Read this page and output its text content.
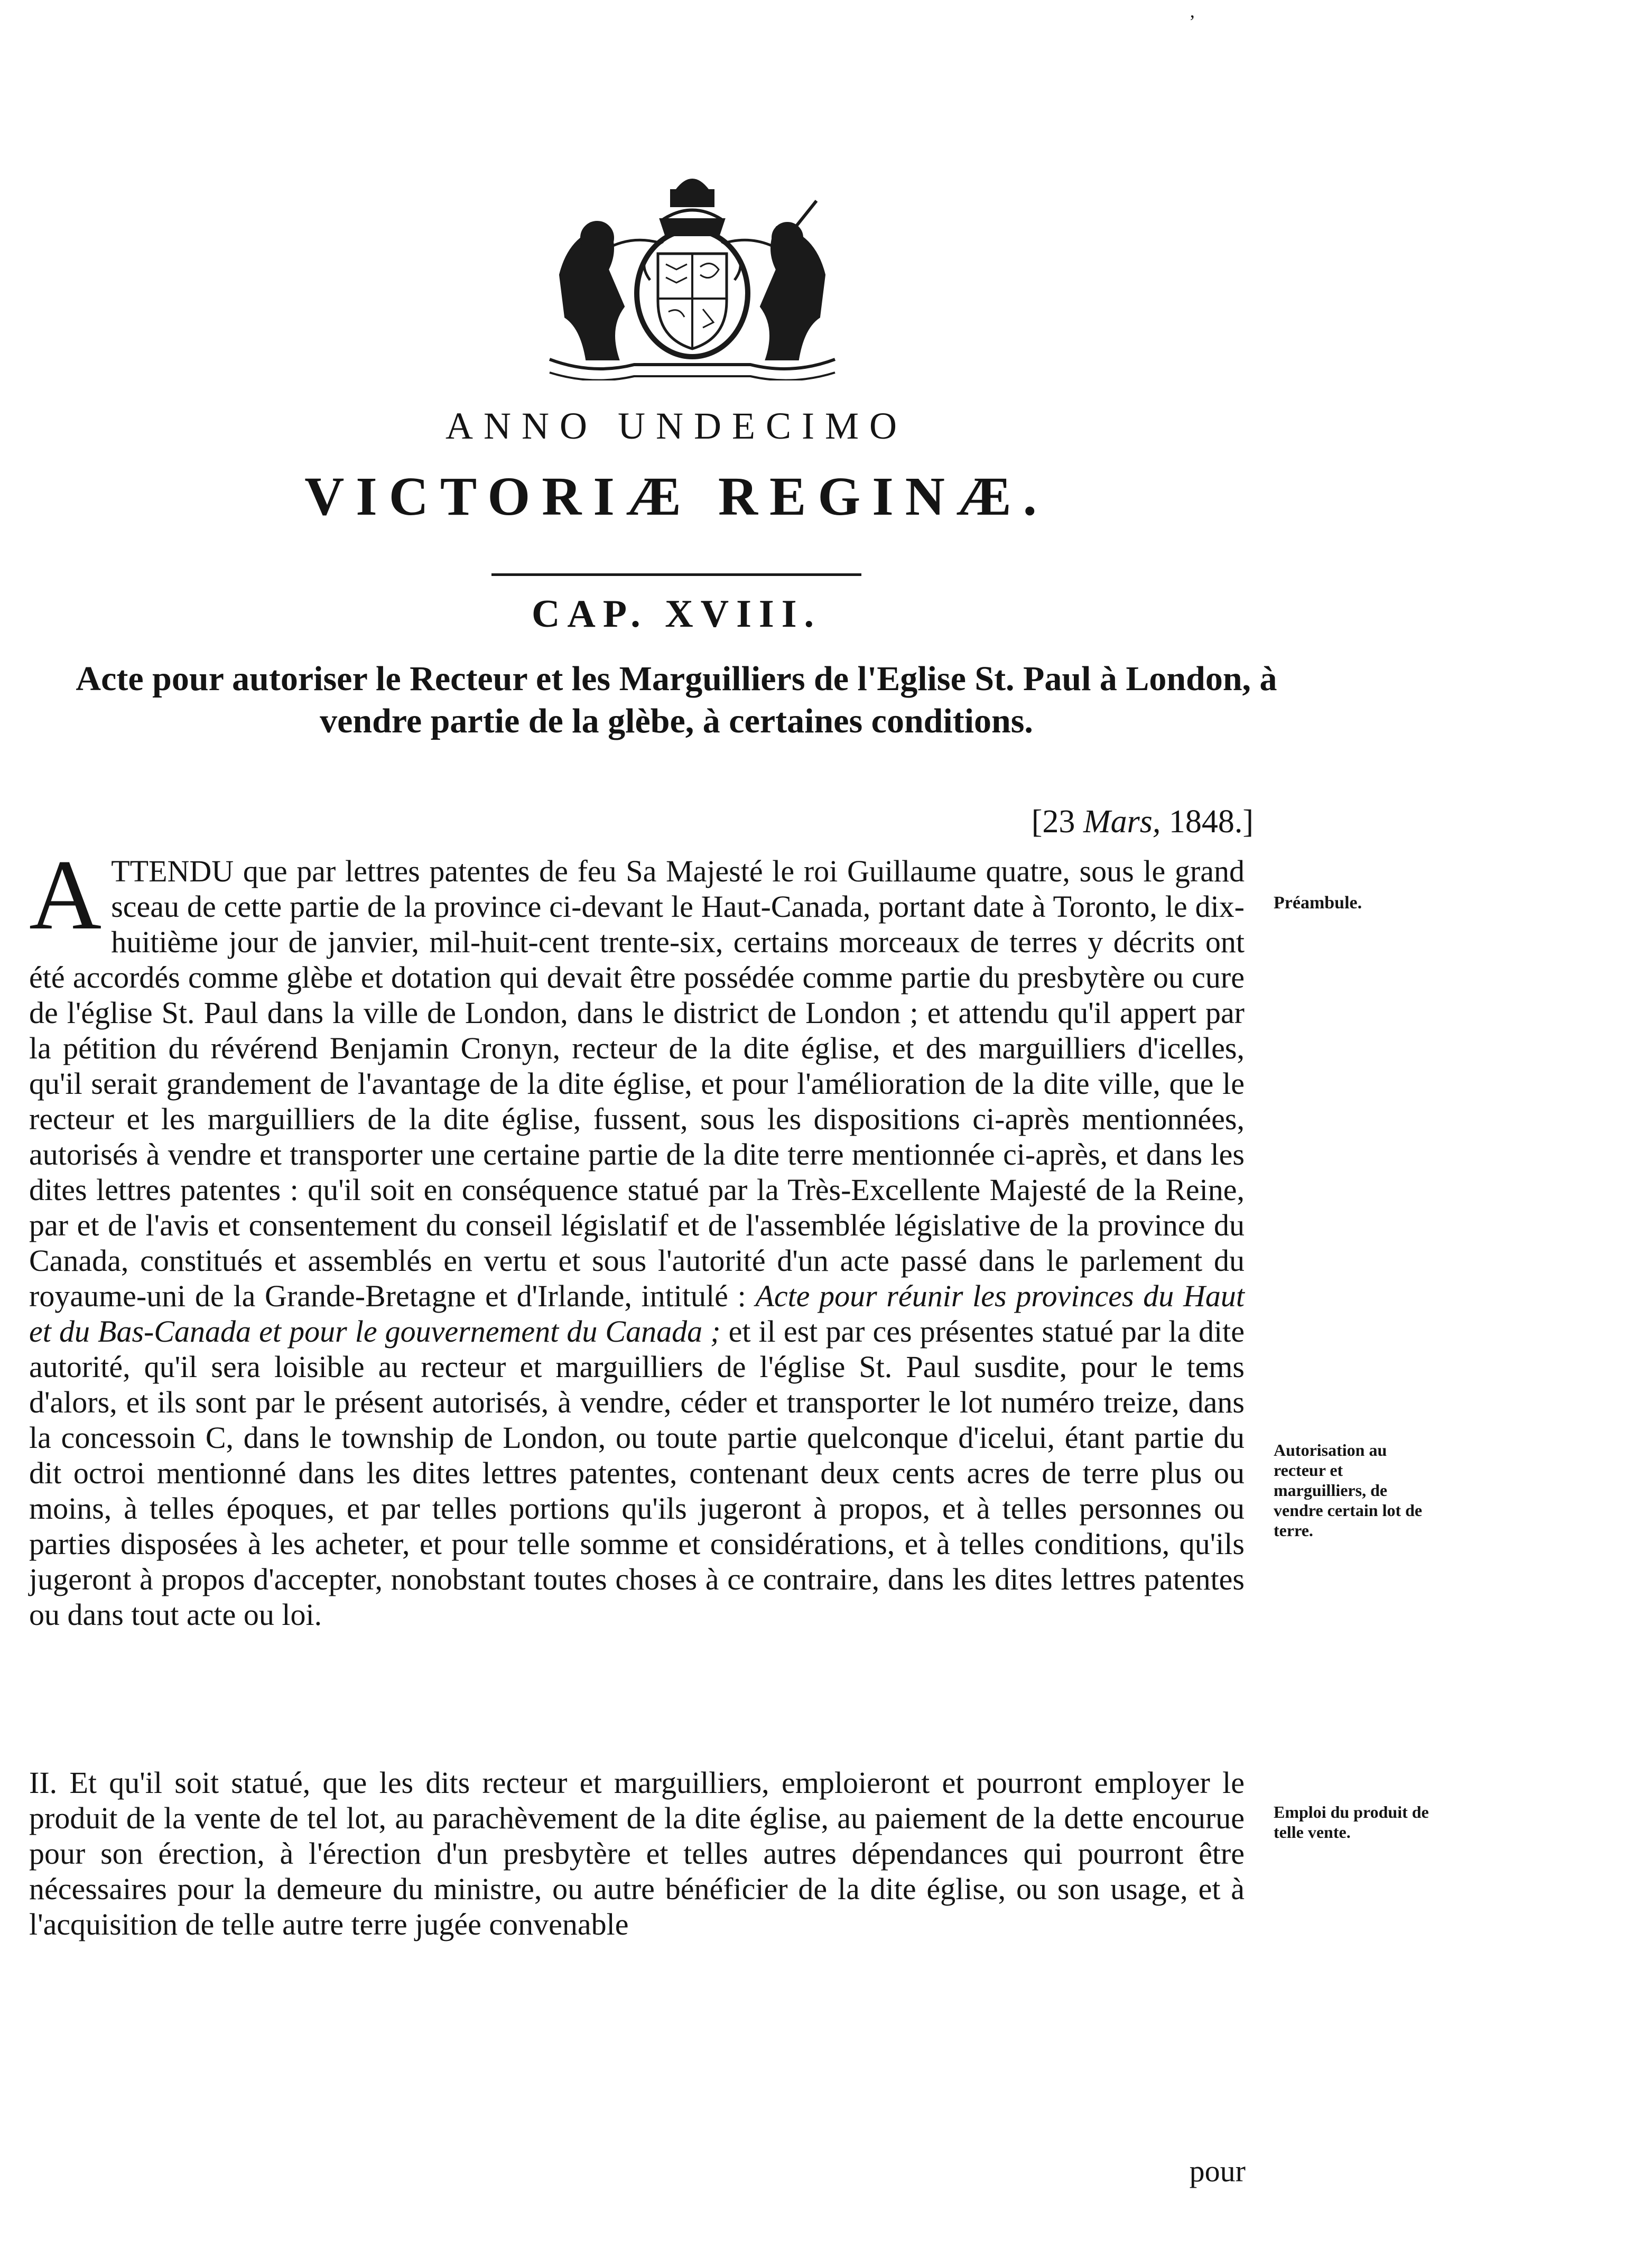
ʼ
ANNO UNDECIMO
VICTORIÆ REGINÆ.
CAP. XVIII.

Acte pour autoriser le Recteur et les Marguilliers de l'Eglise St. Paul à London, à vendre partie de la glèbe, à certaines conditions.

[23 Mars, 1848.]

ATTENDU que par lettres patentes de feu Sa Majesté le roi Guillaume quatre, sous le grand sceau de cette partie de la province ci-devant le Haut-Canada, portant date à Toronto, le dix-huitième jour de janvier, mil-huit-cent trente-six, certains morceaux de terres y décrits ont été accordés comme glèbe et dotation qui devait être possédée comme partie du presbytère ou cure de l'église St. Paul dans la ville de London, dans le district de London ; et attendu qu'il appert par la pétition du révérend Benjamin Cronyn, recteur de la dite église, et des marguilliers d'icelles, qu'il serait grandement de l'avantage de la dite église, et pour l'amélioration de la dite ville, que le recteur et les marguilliers de la dite église, fussent, sous les dispositions ci-après mentionnées, autorisés à vendre et transporter une certaine partie de la dite terre mentionnée ci-après, et dans les dites lettres patentes : qu'il soit en conséquence statué par la Très-Excellente Majesté de la Reine, par et de l'avis et consentement du conseil législatif et de l'assemblée législative de la province du Canada, constitués et assemblés en vertu et sous l'autorité d'un acte passé dans le parlement du royaume-uni de la Grande-Bretagne et d'Irlande, intitulé : Acte pour réunir les provinces du Haut et du Bas-Canada et pour le gouvernement du Canada ; et il est par ces présentes statué par la dite autorité, qu'il sera loisible au recteur et marguilliers de l'église St. Paul susdite, pour le tems d'alors, et ils sont par le présent autorisés, à vendre, céder et transporter le lot numéro treize, dans la concessoin C, dans le township de London, ou toute partie quelconque d'icelui, étant partie du dit octroi mentionné dans les dites lettres patentes, contenant deux cents acres de terre plus ou moins, à telles époques, et par telles portions qu'ils jugeront à propos, et à telles personnes ou parties disposées à les acheter, et pour telle somme et considérations, et à telles conditions, qu'ils jugeront à propos d'accepter, nonobstant toutes choses à ce contraire, dans les dites lettres patentes ou dans tout acte ou loi.

II. Et qu'il soit statué, que les dits recteur et marguilliers, emploieront et pourront employer le produit de la vente de tel lot, au parachèvement de la dite église, au paiement de la dette encourue pour son érection, à l'érection d'un presbytère et telles autres dépendances qui pourront être nécessaires pour la demeure du ministre, ou autre bénéficier de la dite église, ou son usage, et à l'acquisition de telle autre terre jugée convenable

pour

Préambule.

Autorisation au recteur et marguilliers, de vendre certain lot de terre.

Emploi du produit de telle vente.
